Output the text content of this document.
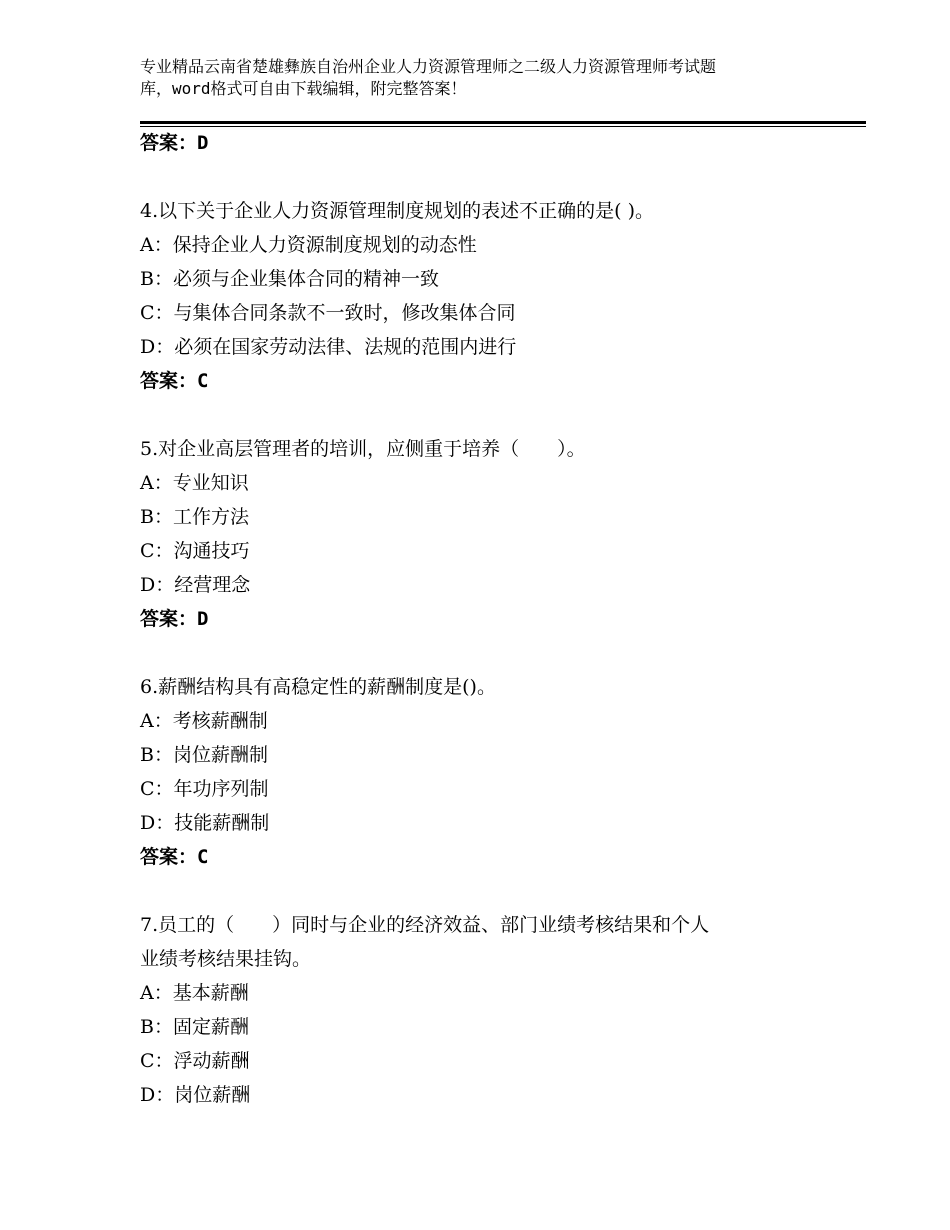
专业精品云南省楚雄彝族自治州企业人力资源管理师之二级人力资源管理师考试题
库，word格式可自由下载编辑，附完整答案！
答案：D
4.以下关于企业人力资源管理制度规划的表述不正确的是( )。
A：保持企业人力资源制度规划的动态性
B：必须与企业集体合同的精神一致
C：与集体合同条款不一致时，修改集体合同
D：必须在国家劳动法律、法规的范围内进行
答案：C
5.对企业高层管理者的培训，应侧重于培养（　　）。
A：专业知识
B：工作方法
C：沟通技巧
D：经营理念
答案：D
6.薪酬结构具有高稳定性的薪酬制度是()。
A：考核薪酬制
B：岗位薪酬制
C：年功序列制
D：技能薪酬制
答案：C
7.员工的（　　）同时与企业的经济效益、部门业绩考核结果和个人
业绩考核结果挂钩。
A：基本薪酬
B：固定薪酬
C：浮动薪酬
D：岗位薪酬
